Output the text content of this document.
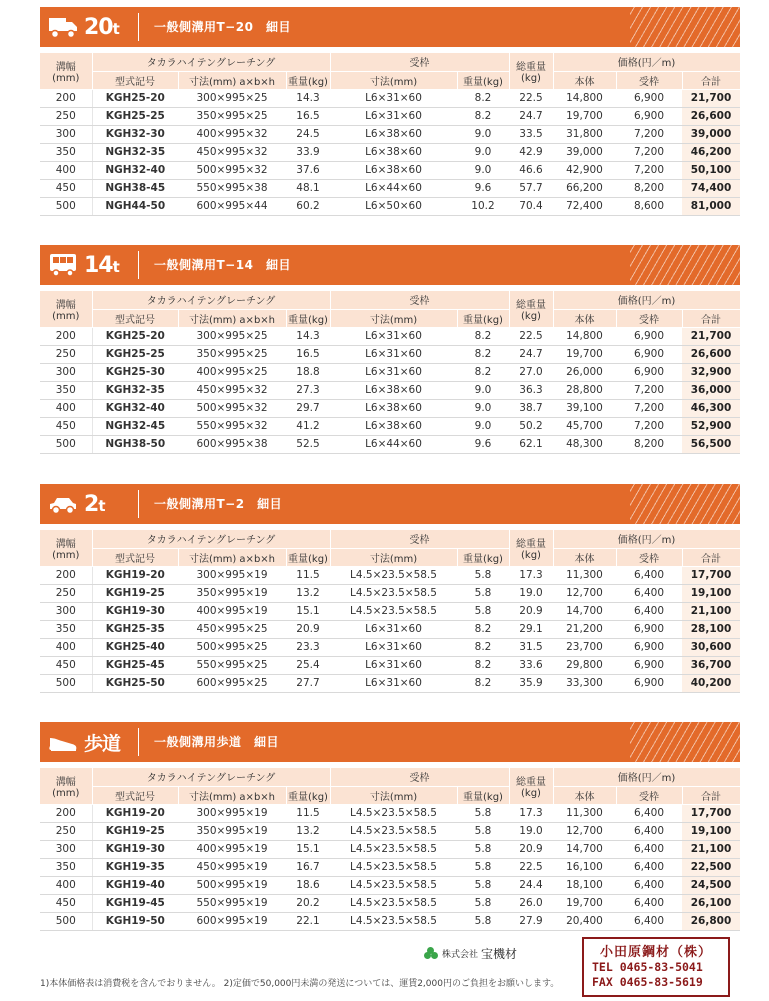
20t	一般側溝用T−20　細目
溝幅
(mm)	タカラハイテングレーチング			受枠		総重量
(kg)	価格(円／m)		
	型式記号	寸法(mm) a×b×h	重量(kg)	寸法(mm)	重量(kg)		本体	受枠	合計
200	KGH25-20	300×995×25	14.3	L6×31×60	8.2	22.5	14,800	6,900	21,700
250	KGH25-25	350×995×25	16.5	L6×31×60	8.2	24.7	19,700	6,900	26,600
300	KGH32-30	400×995×32	24.5	L6×38×60	9.0	33.5	31,800	7,200	39,000
350	NGH32-35	450×995×32	33.9	L6×38×60	9.0	42.9	39,000	7,200	46,200
400	NGH32-40	500×995×32	37.6	L6×38×60	9.0	46.6	42,900	7,200	50,100
450	NGH38-45	550×995×38	48.1	L6×44×60	9.6	57.7	66,200	8,200	74,400
500	NGH44-50	600×995×44	60.2	L6×50×60	10.2	70.4	72,400	8,600	81,000
14t	一般側溝用T−14　細目
溝幅
(mm)	タカラハイテングレーチング			受枠		総重量
(kg)	価格(円／m)		
	型式記号	寸法(mm) a×b×h	重量(kg)	寸法(mm)	重量(kg)		本体	受枠	合計
200	KGH25-20	300×995×25	14.3	L6×31×60	8.2	22.5	14,800	6,900	21,700
250	KGH25-25	350×995×25	16.5	L6×31×60	8.2	24.7	19,700	6,900	26,600
300	KGH25-30	400×995×25	18.8	L6×31×60	8.2	27.0	26,000	6,900	32,900
350	KGH32-35	450×995×32	27.3	L6×38×60	9.0	36.3	28,800	7,200	36,000
400	KGH32-40	500×995×32	29.7	L6×38×60	9.0	38.7	39,100	7,200	46,300
450	NGH32-45	550×995×32	41.2	L6×38×60	9.0	50.2	45,700	7,200	52,900
500	NGH38-50	600×995×38	52.5	L6×44×60	9.6	62.1	48,300	8,200	56,500
2t	一般側溝用T−2　細目
溝幅
(mm)	タカラハイテングレーチング			受枠		総重量
(kg)	価格(円／m)		
	型式記号	寸法(mm) a×b×h	重量(kg)	寸法(mm)	重量(kg)		本体	受枠	合計
200	KGH19-20	300×995×19	11.5	L4.5×23.5×58.5	5.8	17.3	11,300	6,400	17,700
250	KGH19-25	350×995×19	13.2	L4.5×23.5×58.5	5.8	19.0	12,700	6,400	19,100
300	KGH19-30	400×995×19	15.1	L4.5×23.5×58.5	5.8	20.9	14,700	6,400	21,100
350	KGH25-35	450×995×25	20.9	L6×31×60	8.2	29.1	21,200	6,900	28,100
400	KGH25-40	500×995×25	23.3	L6×31×60	8.2	31.5	23,700	6,900	30,600
450	KGH25-45	550×995×25	25.4	L6×31×60	8.2	33.6	29,800	6,900	36,700
500	KGH25-50	600×995×25	27.7	L6×31×60	8.2	35.9	33,300	6,900	40,200
歩道	一般側溝用歩道　細目
溝幅
(mm)	タカラハイテングレーチング			受枠		総重量
(kg)	価格(円／m)		
	型式記号	寸法(mm) a×b×h	重量(kg)	寸法(mm)	重量(kg)		本体	受枠	合計
200	KGH19-20	300×995×19	11.5	L4.5×23.5×58.5	5.8	17.3	11,300	6,400	17,700
250	KGH19-25	350×995×19	13.2	L4.5×23.5×58.5	5.8	19.0	12,700	6,400	19,100
300	KGH19-30	400×995×19	15.1	L4.5×23.5×58.5	5.8	20.9	14,700	6,400	21,100
350	KGH19-35	450×995×19	16.7	L4.5×23.5×58.5	5.8	22.5	16,100	6,400	22,500
400	KGH19-40	500×995×19	18.6	L4.5×23.5×58.5	5.8	24.4	18,100	6,400	24,500
450	KGH19-45	550×995×19	20.2	L4.5×23.5×58.5	5.8	26.0	19,700	6,400	26,100
500	KGH19-50	600×995×19	22.1	L4.5×23.5×58.5	5.8	27.9	20,400	6,400	26,800
株式会社 宝機材	小田原鋼材（株）
TEL 0465-83-5041
FAX 0465-83-5619
1)本体価格表は消費税を含んでおりません。 2)定価で50,000円未満の発送については、運賃2,000円のご負担をお願いします。
